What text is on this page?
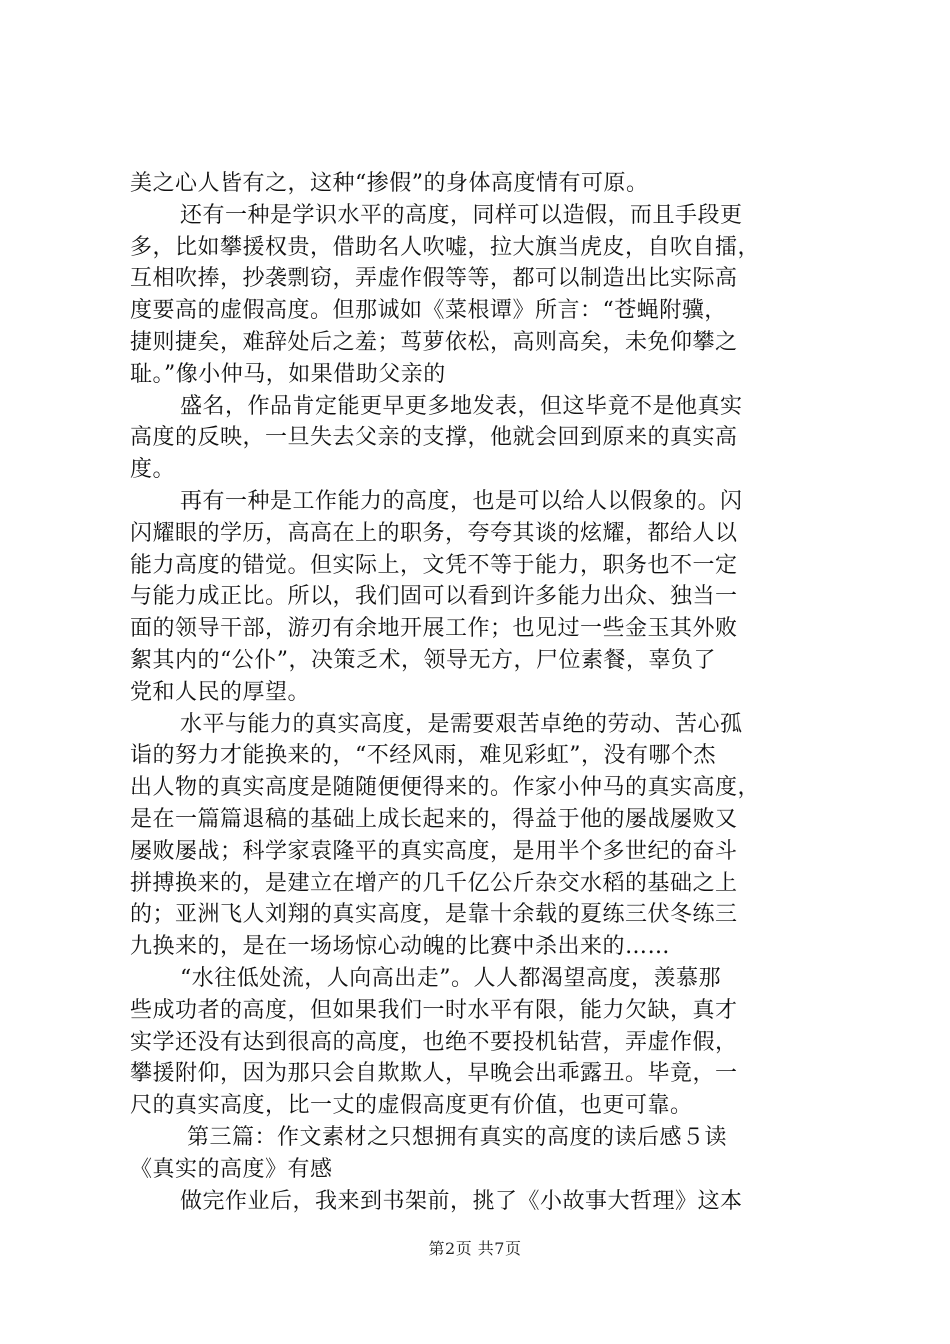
美之心人皆有之，这种“掺假”的身体高度情有可原。
还有一种是学识水平的高度，同样可以造假，而且手段更
多，比如攀援权贵，借助名人吹嘘，拉大旗当虎皮，自吹自擂，
互相吹捧，抄袭剽窃，弄虚作假等等，都可以制造出比实际高
度要高的虚假高度。但那诚如《菜根谭》所言：“苍蝇附骥，
捷则捷矣，难辞处后之羞；茑萝依松，高则高矣，未免仰攀之
耻。”像小仲马，如果借助父亲的
盛名，作品肯定能更早更多地发表，但这毕竟不是他真实
高度的反映，一旦失去父亲的支撑，他就会回到原来的真实高
度。
再有一种是工作能力的高度，也是可以给人以假象的。闪
闪耀眼的学历，高高在上的职务，夸夸其谈的炫耀，都给人以
能力高度的错觉。但实际上，文凭不等于能力，职务也不一定
与能力成正比。所以，我们固可以看到许多能力出众、独当一
面的领导干部，游刃有余地开展工作；也见过一些金玉其外败
絮其内的“公仆”，决策乏术，领导无方，尸位素餐，辜负了
党和人民的厚望。
水平与能力的真实高度，是需要艰苦卓绝的劳动、苦心孤
诣的努力才能换来的，“不经风雨，难见彩虹”，没有哪个杰
出人物的真实高度是随随便便得来的。作家小仲马的真实高度，
是在一篇篇退稿的基础上成长起来的，得益于他的屡战屡败又
屡败屡战；科学家袁隆平的真实高度，是用半个多世纪的奋斗
拼搏换来的，是建立在增产的几千亿公斤杂交水稻的基础之上
的；亚洲飞人刘翔的真实高度，是靠十余载的夏练三伏冬练三
九换来的，是在一场场惊心动魄的比赛中杀出来的……
“水往低处流，人向高出走”。人人都渴望高度，羡慕那
些成功者的高度，但如果我们一时水平有限，能力欠缺，真才
实学还没有达到很高的高度，也绝不要投机钻营，弄虚作假，
攀援附仰，因为那只会自欺欺人，早晚会出乖露丑。毕竟，一
尺的真实高度，比一丈的虚假高度更有价值，也更可靠。
第三篇：作文素材之只想拥有真实的高度的读后感５读
《真实的高度》有感
做完作业后，我来到书架前，挑了《小故事大哲理》这本
第2页 共7页
